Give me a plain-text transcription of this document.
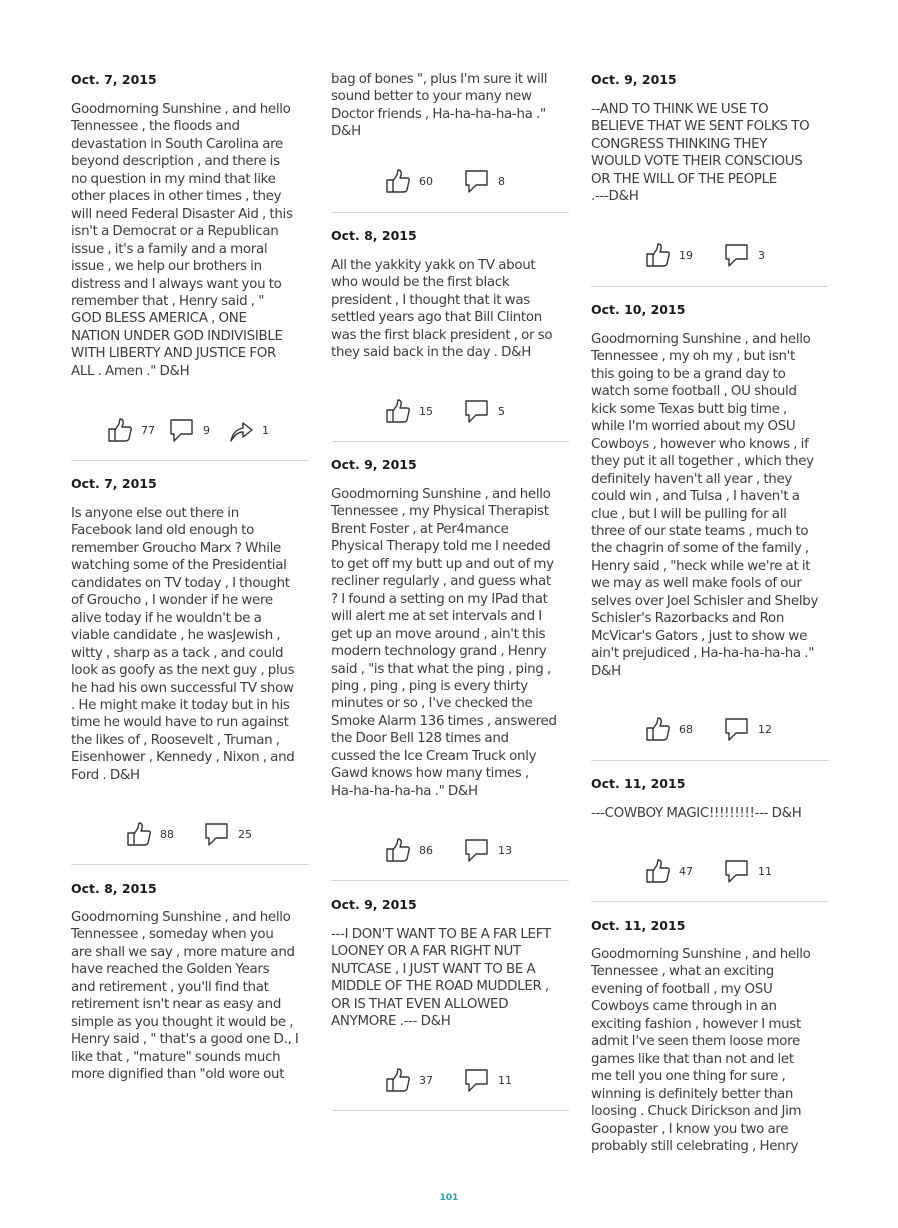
Oct. 7, 2015
Goodmorning Sunshine , and hello
Tennessee , the floods and
devastation in South Carolina are
beyond description , and there is
no question in my mind that like
other places in other times , they
will need Federal Disaster Aid , this
isn't a Democrat or a Republican
issue , it's a family and a moral
issue , we help our brothers in
distress and I always want you to
remember that , Henry said , "
GOD BLESS AMERICA , ONE
NATION UNDER GOD INDIVISIBLE
WITH LIBERTY AND JUSTICE FOR
ALL . Amen ." D&H
77	9	1
Oct. 7, 2015
Is anyone else out there in
Facebook land old enough to
remember Groucho Marx ? While
watching some of the Presidential
candidates on TV today , I thought
of Groucho , I wonder if he were
alive today if he wouldn't be a
viable candidate , he wasJewish ,
witty , sharp as a tack , and could
look as goofy as the next guy , plus
he had his own successful TV show
. He might make it today but in his
time he would have to run against
the likes of , Roosevelt , Truman ,
Eisenhower , Kennedy , Nixon , and
Ford . D&H
88	25
Oct. 8, 2015
Goodmorning Sunshine , and hello
Tennessee , someday when you
are shall we say , more mature and
have reached the Golden Years
and retirement , you'll find that
retirement isn't near as easy and
simple as you thought it would be ,
Henry said , " that's a good one D., I
like that , "mature" sounds much
more dignified than "old wore out
bag of bones ", plus I'm sure it will
sound better to your many new
Doctor friends , Ha-ha-ha-ha-ha ."
D&H
60	8
Oct. 8, 2015
All the yakkity yakk on TV about
who would be the first black
president , I thought that it was
settled years ago that Bill Clinton
was the first black president , or so
they said back in the day . D&H
15	5
Oct. 9, 2015
Goodmorning Sunshine , and hello
Tennessee , my Physical Therapist
Brent Foster , at Per4mance
Physical Therapy told me I needed
to get off my butt up and out of my
recliner regularly , and guess what
? I found a setting on my IPad that
will alert me at set intervals and I
get up an move around , ain't this
modern technology grand , Henry
said , "is that what the ping , ping ,
ping , ping , ping is every thirty
minutes or so , I've checked the
Smoke Alarm 136 times , answered
the Door Bell 128 times and
cussed the Ice Cream Truck only
Gawd knows how many times ,
Ha-ha-ha-ha-ha ." D&H
86	13
Oct. 9, 2015
---I DON'T WANT TO BE A FAR LEFT
LOONEY OR A FAR RIGHT NUT
NUTCASE , I JUST WANT TO BE A
MIDDLE OF THE ROAD MUDDLER ,
OR IS THAT EVEN ALLOWED
ANYMORE .--- D&H
37	11
Oct. 9, 2015
--AND TO THINK WE USE TO
BELIEVE THAT WE SENT FOLKS TO
CONGRESS THINKING THEY
WOULD VOTE THEIR CONSCIOUS
OR THE WILL OF THE PEOPLE
.---D&H
19	3
Oct. 10, 2015
Goodmorning Sunshine , and hello
Tennessee , my oh my , but isn't
this going to be a grand day to
watch some football , OU should
kick some Texas butt big time ,
while I'm worried about my OSU
Cowboys , however who knows , if
they put it all together , which they
definitely haven't all year , they
could win , and Tulsa , I haven't a
clue , but I will be pulling for all
three of our state teams , much to
the chagrin of some of the family ,
Henry said , "heck while we're at it
we may as well make fools of our
selves over Joel Schisler and Shelby
Schisler's Razorbacks and Ron
McVicar's Gators , just to show we
ain't prejudiced , Ha-ha-ha-ha-ha ."
D&H
68	12
Oct. 11, 2015
---COWBOY MAGIC!!!!!!!!!--- D&H
47	11
Oct. 11, 2015
Goodmorning Sunshine , and hello
Tennessee , what an exciting
evening of football , my OSU
Cowboys came through in an
exciting fashion , however I must
admit I've seen them loose more
games like that than not and let
me tell you one thing for sure ,
winning is definitely better than
loosing . Chuck Dirickson and Jim
Goopaster , I know you two are
probably still celebrating , Henry
101
